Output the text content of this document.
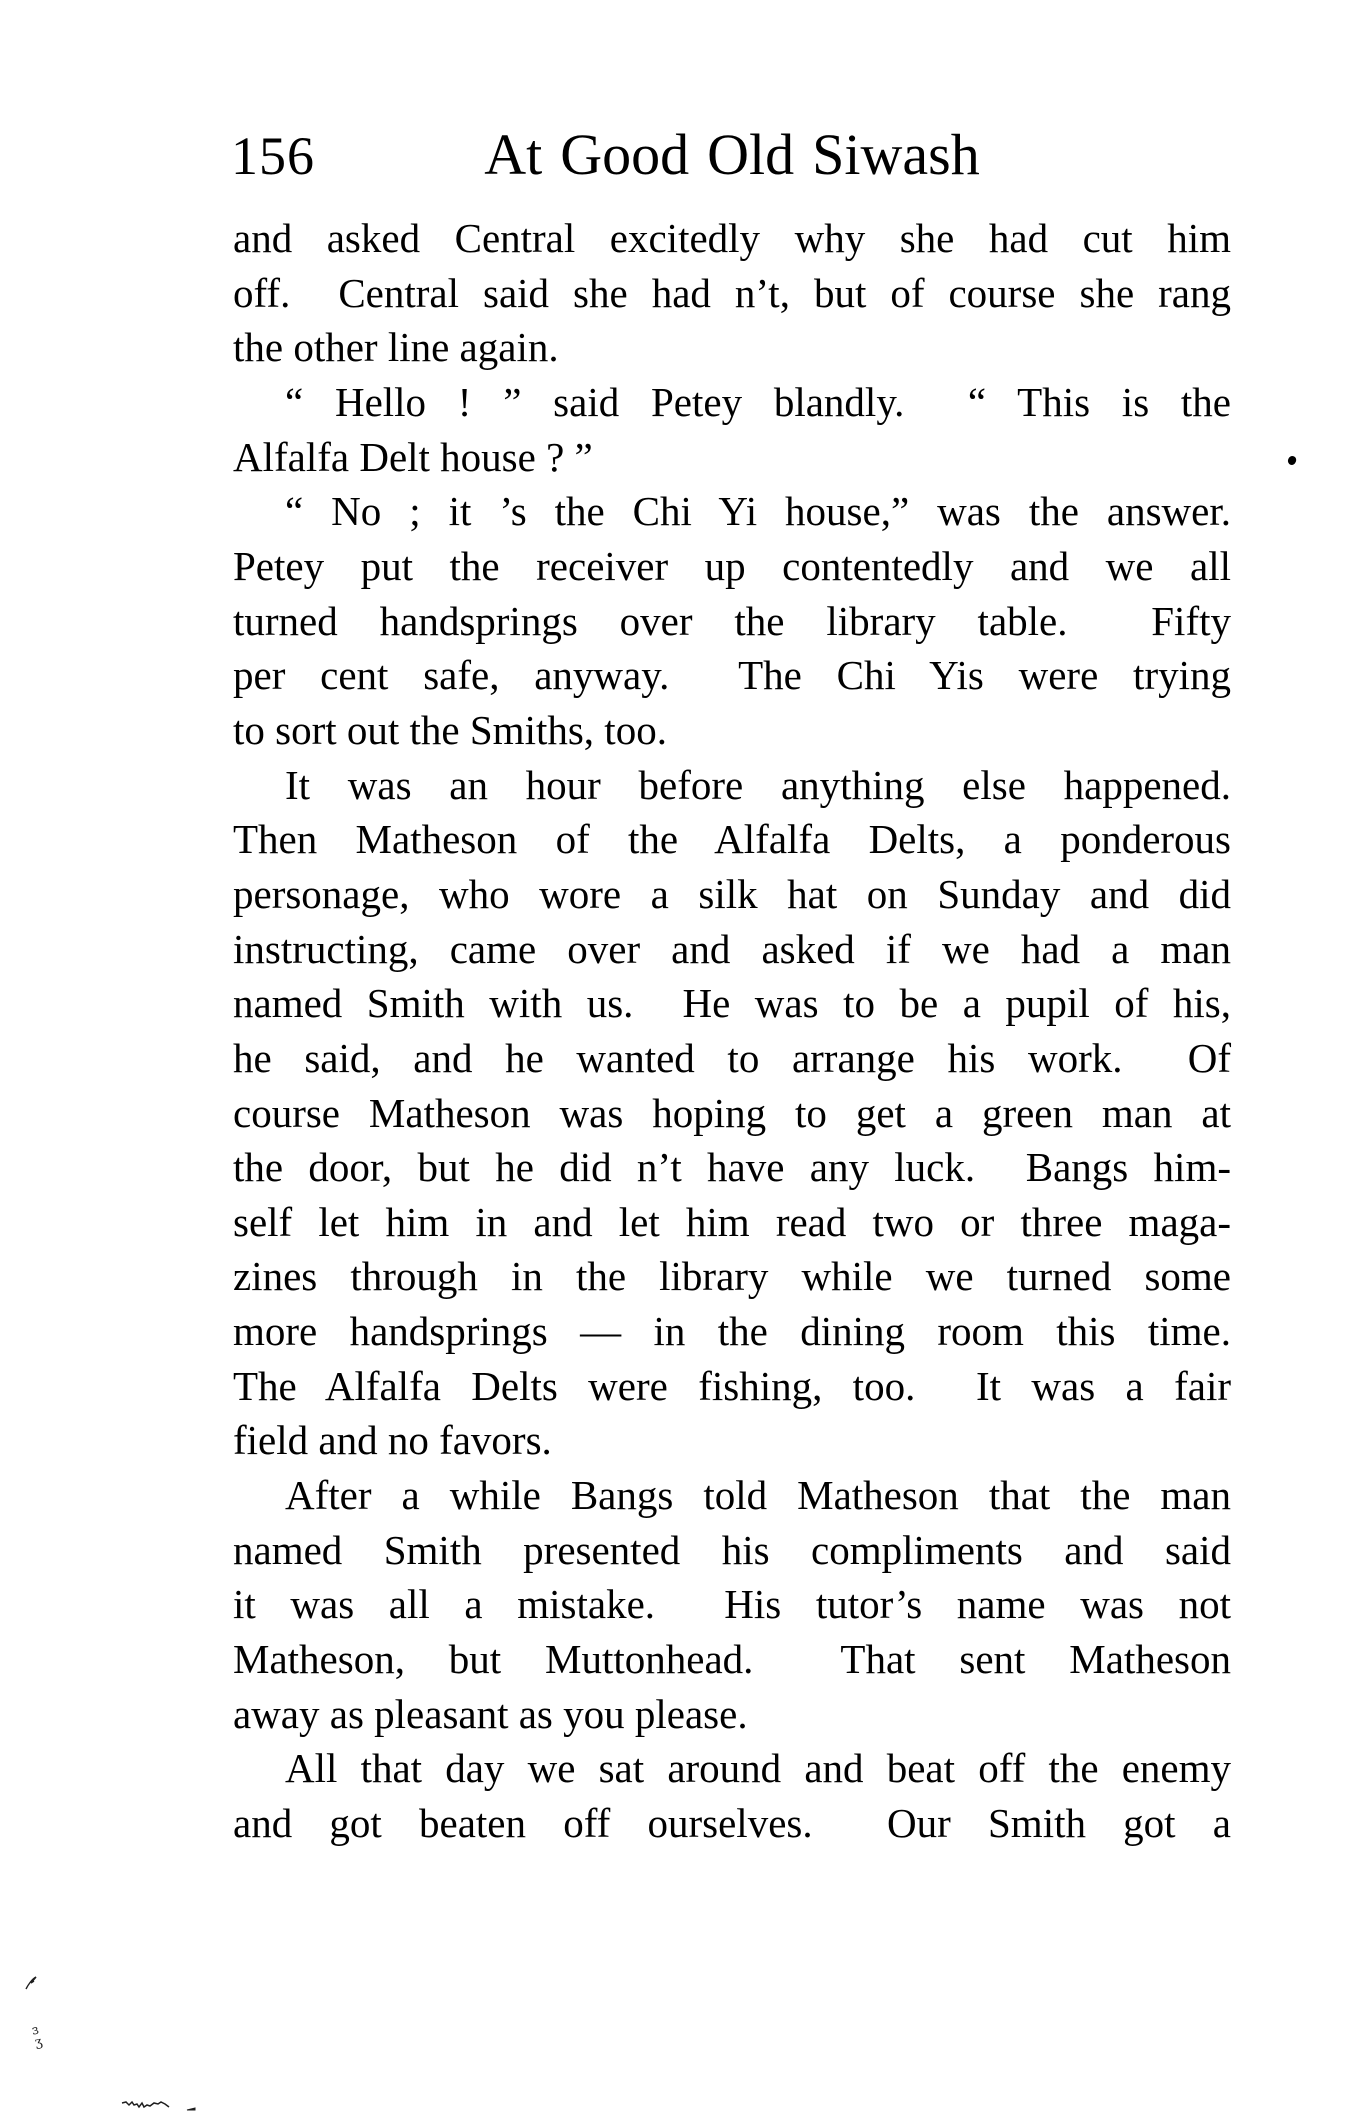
156	At Good Old Siwash
and asked Central excitedly why she had cut him
off.  Central said she had n’t, but of course she rang
the other line again.
“ Hello ! ” said Petey blandly.  “ This is the
Alfalfa Delt house ? ”
“ No ; it ’s the Chi Yi house,” was the answer.
Petey put the receiver up contentedly and we all
turned handsprings over the library table.  Fifty
per cent safe, anyway.  The Chi Yis were trying
to sort out the Smiths, too.
It was an hour before anything else happened.
Then Matheson of the Alfalfa Delts, a ponderous
personage, who wore a silk hat on Sunday and did
instructing, came over and asked if we had a man
named Smith with us.  He was to be a pupil of his,
he said, and he wanted to arrange his work.  Of
course Matheson was hoping to get a green man at
the door, but he did n’t have any luck.  Bangs him-
self let him in and let him read two or three maga-
zines through in the library while we turned some
more handsprings — in the dining room this time.
The Alfalfa Delts were fishing, too.  It was a fair
field and no favors.
After a while Bangs told Matheson that the man
named Smith presented his compliments and said
it was all a mistake.  His tutor’s name was not
Matheson, but Muttonhead.  That sent Matheson
away as pleasant as you please.
All that day we sat around and beat off the enemy
and got beaten off ourselves.  Our Smith got a
ɜ
ʒ
